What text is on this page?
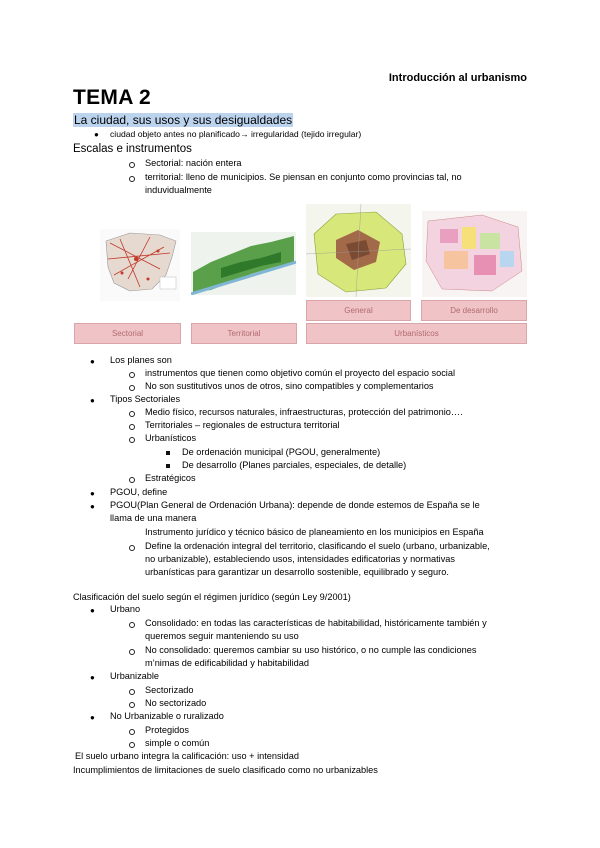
Introducción al urbanismo
TEMA 2
La ciudad, sus usos y sus desigualdades
● ciudad objeto antes no planificado→ irregularidad (tejido irregular)
Escalas e instrumentos
Sectorial: nación entera
territorial: lleno de municipios. Se piensan en conjunto como provincias tal, no
induvidualmente
General	De desarrollo
Sectorial	Territorial	Urbanísticos
● Los planes son
instrumentos que tienen como objetivo común el proyecto del espacio social
No son sustitutivos unos de otros, sino compatibles y complementarios
● Tipos Sectoriales
Medio físico, recursos naturales, infraestructuras, protección del patrimonio….
Territoriales – regionales de estructura territorial
Urbanísticos
De ordenación municipal (PGOU, generalmente)
De desarrollo (Planes parciales, especiales, de detalle)
Estratégicos
● PGOU, define
● PGOU(Plan General de Ordenación Urbana): depende de donde estemos de España se le
llama de una manera
Instrumento jurídico y técnico básico de planeamiento en los municipios en España
Define la ordenación integral del territorio, clasificando el suelo (urbano, urbanizable,
no urbanizable), estableciendo usos, intensidades edificatorias y normativas
urbanísticas para garantizar un desarrollo sostenible, equilibrado y seguro.
Clasificación del suelo según el régimen jurídico (según Ley 9/2001)
● Urbano
Consolidado: en todas las características de habitabilidad, históricamente también y
queremos seguir manteniendo su uso
No consolidado: queremos cambiar su uso histórico, o no cumple las condiciones
m’nimas de edificabilidad y habitabilidad
● Urbanizable
Sectorizado
No sectorizado
● No Urbanizable o ruralizado
Protegidos
simple o común
El suelo urbano integra la calificación: uso + intensidad
Incumplimientos de limitaciones de suelo clasificado como no urbanizables
